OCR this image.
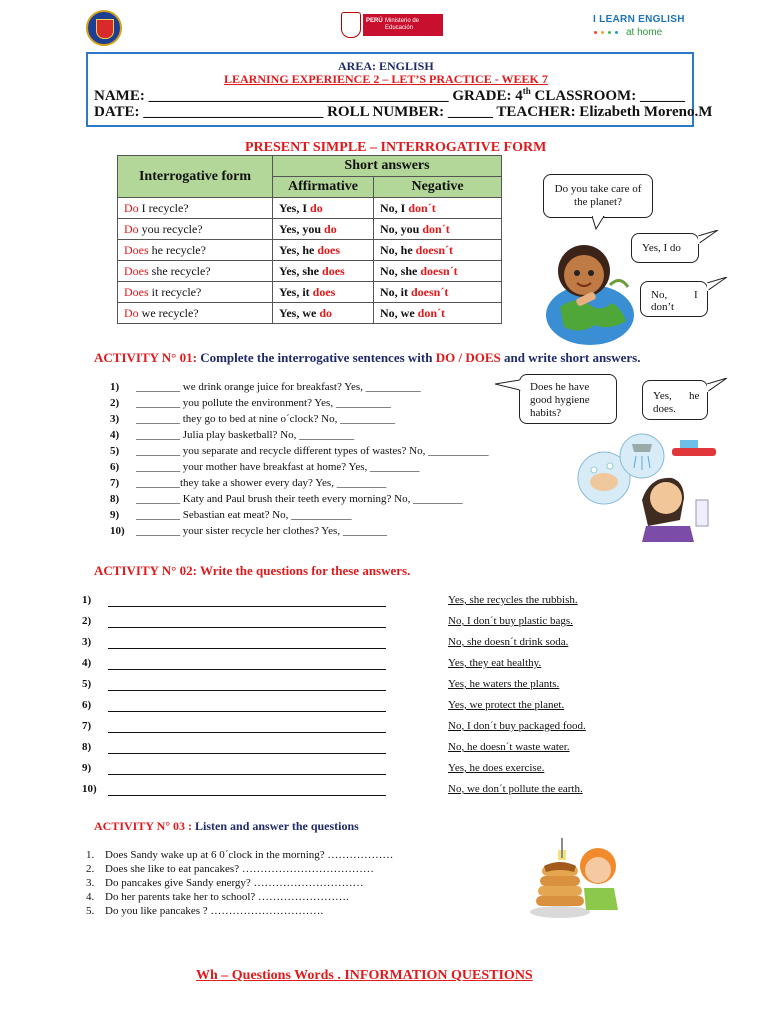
PERÚ Ministerio de Educación
I LEARN ENGLISH
at home
AREA: ENGLISH
LEARNING EXPERIENCE 2 – LET’S PRACTICE - WEEK 7
NAME: ________________________________________ GRADE: 4th CLASSROOM: ______
DATE: ________________________ ROLL NUMBER: ______ TEACHER: Elizabeth Moreno.M
PRESENT SIMPLE – INTERROGATIVE FORM
Interrogative form	Short answers	
	Affirmative	Negative
Do I recycle?	Yes, I do	No, I don´t
Do you recycle?	Yes, you do	No, you don´t
Does he recycle?	Yes, he does	No, he doesn´t
Does she recycle?	Yes, she does	No, she doesn´t
Does it recycle?	Yes, it does	No, it doesn´t
Do we recycle?	Yes, we do	No, we don´t
Do you take care of the planet?
Yes, I do
No, I
don’t
ACTIVITY N° 01: Complete the interrogative sentences with DO / DOES and write short answers.
1) ________ we drink orange juice for breakfast? Yes, __________
2) ________ you pollute the environment? Yes, __________
3) ________ they go to bed at nine o´clock? No, __________
4) ________ Julia play basketball? No, __________
5) ________ you separate and recycle different types of wastes? No, ___________
6) ________ your mother have breakfast at home? Yes, _________
7) ________they take a shower every day? Yes, _________
8) ________ Katy and Paul brush their teeth every morning? No, _________
9) ________ Sebastian eat meat? No, ___________
10) ________ your sister recycle her clothes? Yes, ________
Does he have good hygiene habits?
Yes, he
does.
ACTIVITY N° 02: Write the questions for these answers.
1)	Yes, she recycles the rubbish.
2)	No, I don´t buy plastic bags.
3)	No, she doesn´t drink soda.
4)	Yes, they eat healthy.
5)	Yes, he waters the plants.
6)	Yes, we protect the planet.
7)	No, I don´t buy packaged food.
8)	No, he doesn´t waste water.
9)	Yes, he does exercise.
10)	No, we don´t pollute the earth.
ACTIVITY N° 03 : Listen and answer the questions
1. Does Sandy wake up at 6 0´clock in the morning? ………………
2. Does she like to eat pancakes? ………………………………
3. Do pancakes give Sandy energy? …………………………
4. Do her parents take her to school? …………………….
5. Do you like pancakes ? ………………………….
Wh – Questions Words . INFORMATION QUESTIONS
